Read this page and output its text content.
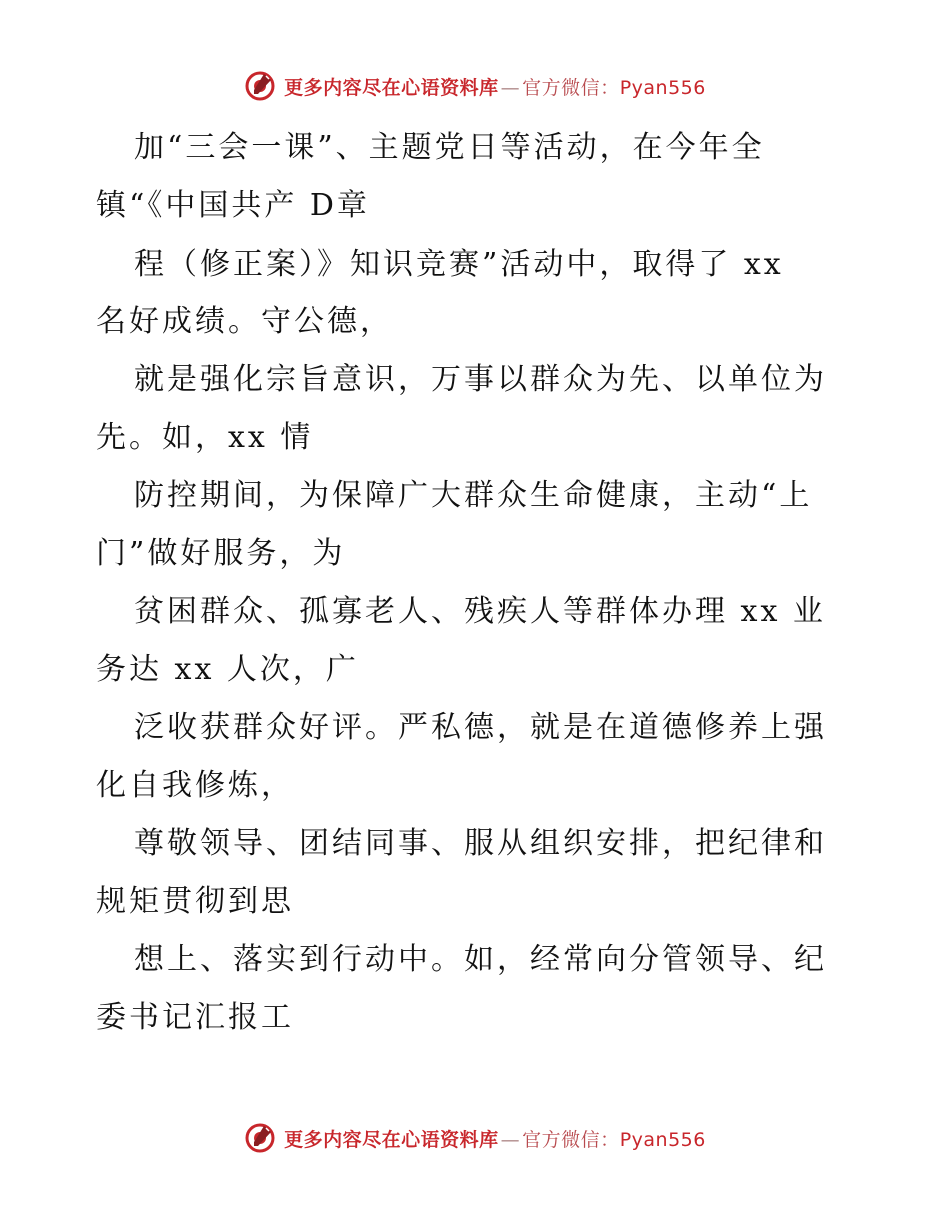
更多内容尽在心语资料库 — 官方微信： Pyan556
加“三会一课”、主题党日等活动，在今年全
镇“《中国共产 D章
程（修正案）》知识竞赛”活动中，取得了 xx
名好成绩。守公德，
就是强化宗旨意识，万事以群众为先、以单位为
先。如，xx 情
防控期间，为保障广大群众生命健康，主动“上
门”做好服务，为
贫困群众、孤寡老人、残疾人等群体办理 xx 业
务达 xx 人次，广
泛收获群众好评。严私德，就是在道德修养上强
化自我修炼，
尊敬领导、团结同事、服从组织安排，把纪律和
规矩贯彻到思
想上、落实到行动中。如，经常向分管领导、纪
委书记汇报工
更多内容尽在心语资料库 — 官方微信： Pyan556
